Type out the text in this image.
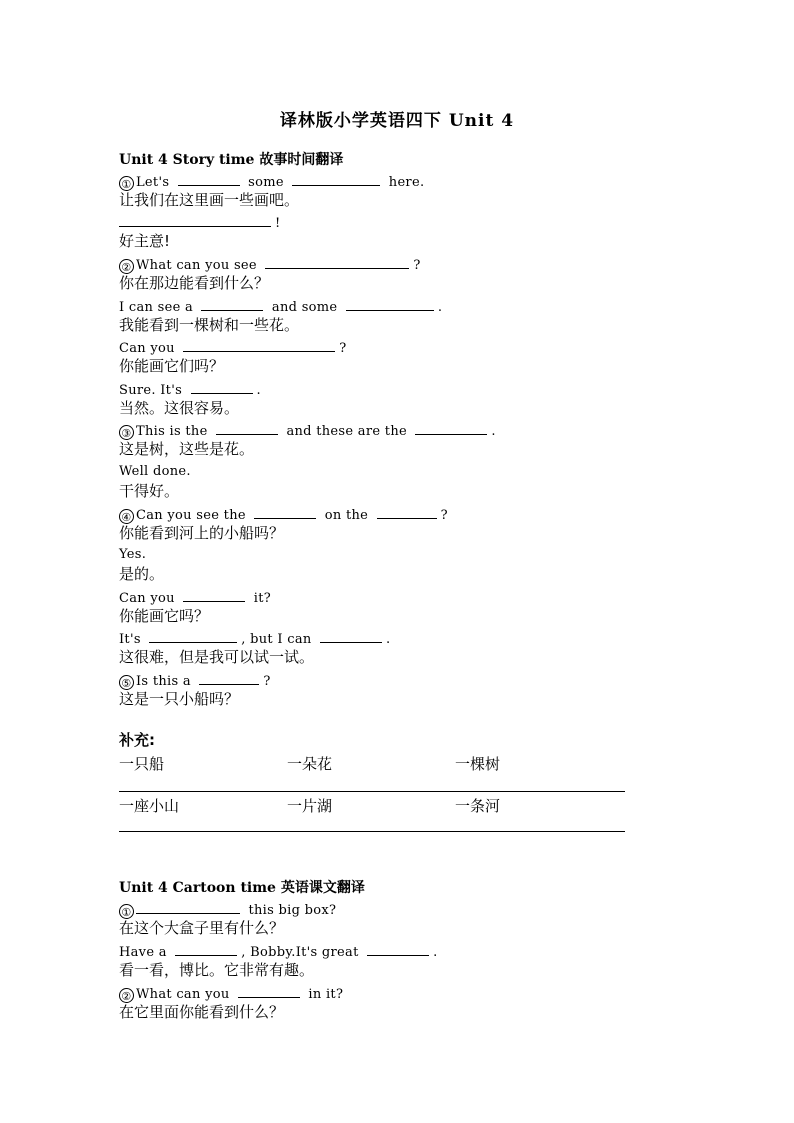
译林版小学英语四下 Unit 4
Unit 4 Story time 故事时间翻译
① Let's	some	here.
让我们在这里画一些画吧。
!
好主意!
② What can you see	?
你在那边能看到什么？
I can see a	and some	.
我能看到一棵树和一些花。
Can you	?
你能画它们吗？
Sure. It's	.
当然。这很容易。
③ This is the	and these are the	.
这是树，这些是花。
Well done.
干得好。
④ Can you see the	on the	?
你能看到河上的小船吗？
Yes.
是的。
Can you	it?
你能画它吗？
It's	, but I can	.
这很难，但是我可以试一试。
⑤ Is this a	?
这是一只小船吗？
补充:
一只船	一朵花	一棵树
一座小山	一片湖	一条河
Unit 4 Cartoon time 英语课文翻译
①	this big box?
在这个大盒子里有什么？
Have a	, Bobby.It's great	.
看一看，博比。它非常有趣。
② What can you	in it?
在它里面你能看到什么？
